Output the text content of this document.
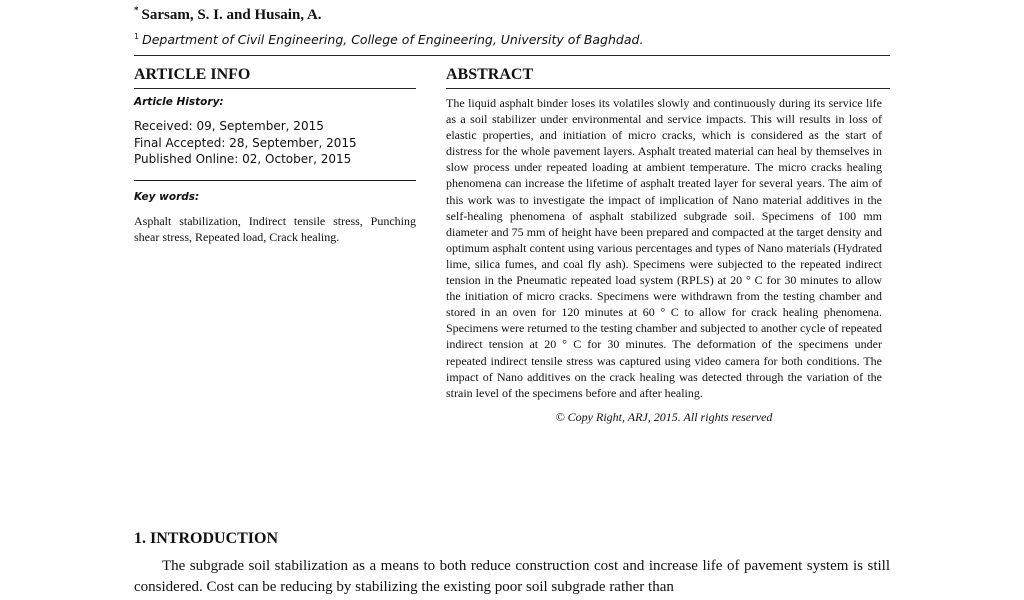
* Sarsam, S. I. and Husain, A.
$^1$ Department of Civil Engineering, College of Engineering, University of Baghdad.
ARTICLE INFO
Article History:
Received: 09, September, 2015
Final Accepted: 28, September, 2015
Published Online: 02, October, 2015
Key words:
Asphalt stabilization, Indirect tensile stress, Punching shear stress, Repeated load, Crack healing.
ABSTRACT

The liquid asphalt binder loses its volatiles slowly and continuously during its service life as a soil stabilizer under environmental and service impacts. This will results in loss of elastic properties, and initiation of micro cracks, which is considered as the start of distress for the whole pavement layers. Asphalt treated material can heal by themselves in slow process under repeated loading at ambient temperature. The micro cracks healing phenomena can increase the lifetime of asphalt treated layer for several years. The aim of this work was to investigate the impact of implication of Nano material additives in the self-healing phenomena of asphalt stabilized subgrade soil. Specimens of 100 mm diameter and 75 mm of height have been prepared and compacted at the target density and optimum asphalt content using various percentages and types of Nano materials (Hydrated lime, silica fumes, and coal fly ash). Specimens were subjected to the repeated indirect tension in the Pneumatic repeated load system (RPLS) at 20 ° C for 30 minutes to allow the initiation of micro cracks. Specimens were withdrawn from the testing chamber and stored in an oven for 120 minutes at 60 ° C to allow for crack healing phenomena. Specimens were returned to the testing chamber and subjected to another cycle of repeated indirect tension at 20 ° C for 30 minutes. The deformation of the specimens under repeated indirect tensile stress was captured using video camera for both conditions. The impact of Nano additives on the crack healing was detected through the variation of the strain level of the specimens before and after healing.

© Copy Right, ARJ, 2015. All rights reserved
1. INTRODUCTION

The subgrade soil stabilization as a means to both reduce construction cost and increase life of pavement system is still considered. Cost can be reducing by stabilizing the existing poor soil subgrade rather than
